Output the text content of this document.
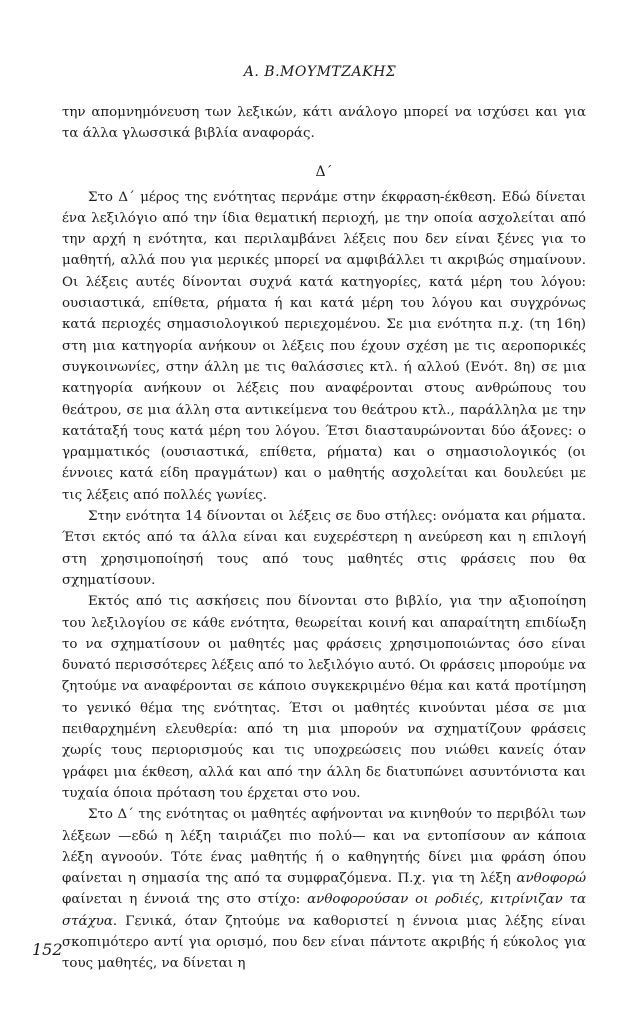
Α. Β.ΜΟΥΜΤΖΑΚΗΣ

την απομνημόνευση των λεξικών, κάτι ανάλογο μπορεί να ισχύσει και για τα άλλα γλωσσικά βιβλία αναφοράς.

Δ΄

Στο Δ΄ μέρος της ενότητας περνάμε στην έκφραση-έκθεση. Εδώ δίνεται ένα λεξιλόγιο από την ίδια θεματική περιοχή, με την οποία ασχολείται από την αρχή η ενότητα, και περιλαμβάνει λέξεις που δεν είναι ξένες για το μαθητή, αλλά που για μερικές μπορεί να αμφιβάλλει τι ακριβώς σημαίνουν. Οι λέξεις αυτές δίνονται συχνά κατά κατηγορίες, κατά μέρη του λόγου: ουσιαστικά, επίθετα, ρήματα ή και κατά μέρη του λόγου και συγχρόνως κατά περιοχές σημασιολογικού περιεχομένου. Σε μια ενότητα π.χ. (τη 16η) στη μια κατηγορία ανήκουν οι λέξεις που έχουν σχέση με τις αεροπορικές συγκοινωνίες, στην άλλη με τις θαλάσσιες κτλ. ή αλλού (Ενότ. 8η) σε μια κατηγορία ανήκουν οι λέξεις που αναφέρονται στους ανθρώπους του θεάτρου, σε μια άλλη στα αντικείμενα του θεάτρου κτλ., παράλληλα με την κατάταξή τους κατά μέρη του λόγου. Έτσι διασταυρώνονται δύο άξονες: ο γραμματικός (ουσιαστικά, επίθετα, ρήματα) και ο σημασιολογικός (οι έννοιες κατά είδη πραγμάτων) και ο μαθητής ασχολείται και δουλεύει με τις λέξεις από πολλές γωνίες.

Στην ενότητα 14 δίνονται οι λέξεις σε δυο στήλες: ονόματα και ρήματα. Έτσι εκτός από τα άλλα είναι και ευχερέστερη η ανεύρεση και η επιλογή στη χρησιμοποίησή τους από τους μαθητές στις φράσεις που θα σχηματίσουν.

Εκτός από τις ασκήσεις που δίνονται στο βιβλίο, για την αξιοποίηση του λεξιλογίου σε κάθε ενότητα, θεωρείται κοινή και απαραίτητη επιδίωξη το να σχηματίσουν οι μαθητές μας φράσεις χρησιμοποιώντας όσο είναι δυνατό περισσότερες λέξεις από το λεξιλόγιο αυτό. Οι φράσεις μπορούμε να ζητούμε να αναφέρονται σε κάποιο συγκεκριμένο θέμα και κατά προτίμηση το γενικό θέμα της ενότητας. Έτσι οι μαθητές κινούνται μέσα σε μια πειθαρχημένη ελευθερία: από τη μια μπορούν να σχηματίζουν φράσεις χωρίς τους περιορισμούς και τις υποχρεώσεις που νιώθει κανείς όταν γράφει μια έκθεση, αλλά και από την άλλη δε διατυπώνει ασυντόνιστα και τυχαία όποια πρόταση του έρχεται στο νου.

Στο Δ΄ της ενότητας οι μαθητές αφήνονται να κινηθούν το περιβόλι των λέξεων —εδώ η λέξη ταιριάζει πιο πολύ— και να εντοπίσουν αν κάποια λέξη αγνοούν. Τότε ένας μαθητής ή ο καθηγητής δίνει μια φράση όπου φαίνεται η σημασία της από τα συμφραζόμενα. Π.χ. για τη λέξη ανθοφορώ φαίνεται η έννοιά της στο στίχο: ανθοφορούσαν οι ροδιές, κιτρίνιζαν τα στάχυα. Γενικά, όταν ζητούμε να καθοριστεί η έννοια μιας λέξης είναι σκοπιμότερο αντί για ορισμό, που δεν είναι πάντοτε ακριβής ή εύκολος για τους μαθητές, να δίνεται η

152
